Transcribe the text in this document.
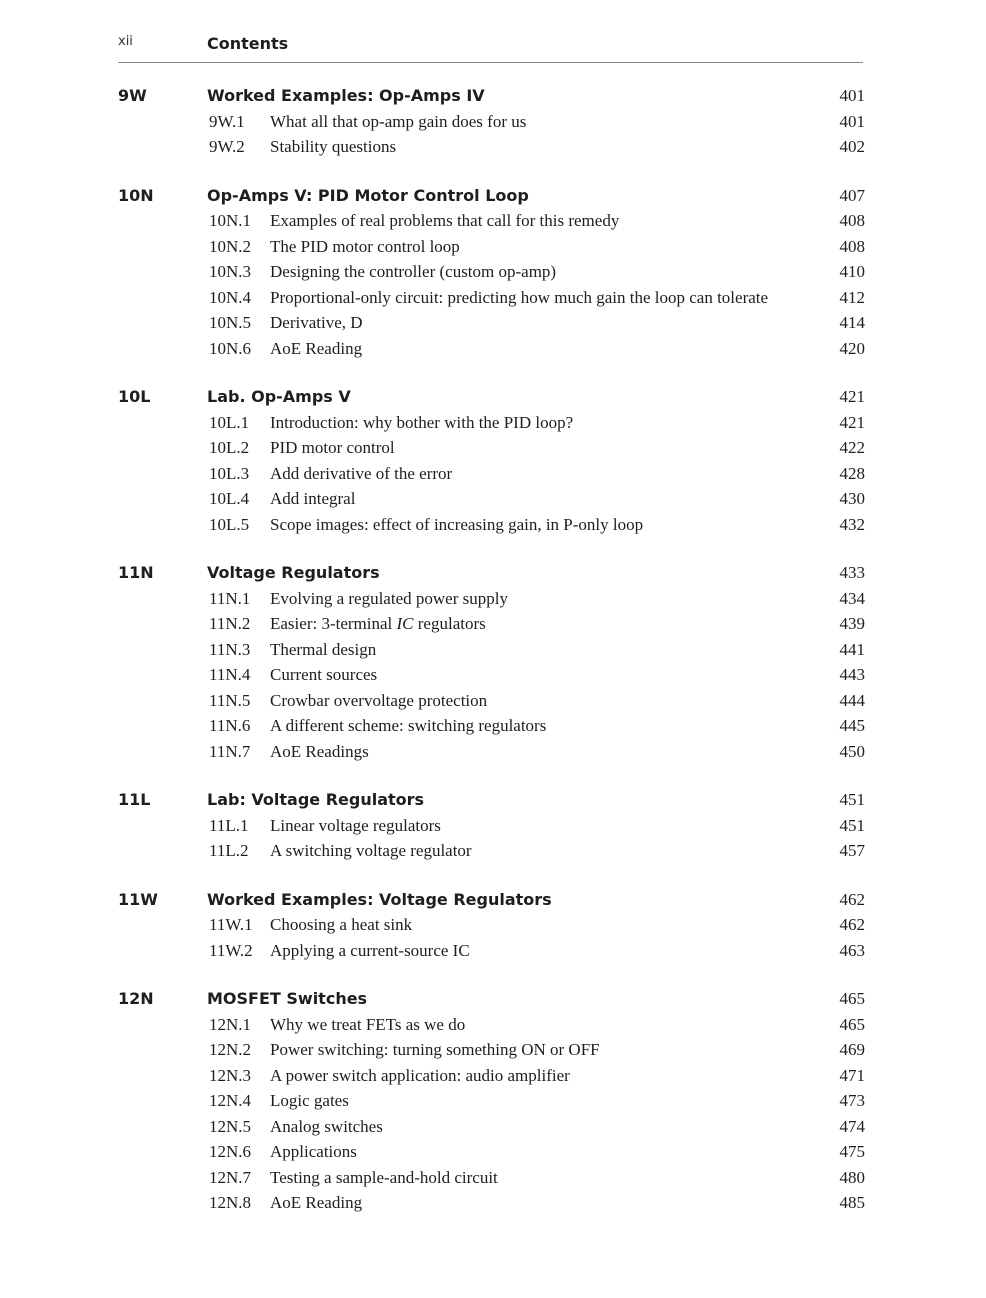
xii	Contents
9W	Worked Examples: Op-Amps IV	401
9W.1 What all that op-amp gain does for us	401
9W.2 Stability questions	402
10N	Op-Amps V: PID Motor Control Loop	407
10N.1 Examples of real problems that call for this remedy	408
10N.2 The PID motor control loop	408
10N.3 Designing the controller (custom op-amp)	410
10N.4 Proportional-only circuit: predicting how much gain the loop can tolerate	412
10N.5 Derivative, D	414
10N.6 AoE Reading	420
10L	Lab. Op-Amps V	421
10L.1 Introduction: why bother with the PID loop?	421
10L.2 PID motor control	422
10L.3 Add derivative of the error	428
10L.4 Add integral	430
10L.5 Scope images: effect of increasing gain, in P-only loop	432
11N	Voltage Regulators	433
11N.1 Evolving a regulated power supply	434
11N.2 Easier: 3-terminal IC regulators	439
11N.3 Thermal design	441
11N.4 Current sources	443
11N.5 Crowbar overvoltage protection	444
11N.6 A different scheme: switching regulators	445
11N.7 AoE Readings	450
11L	Lab: Voltage Regulators	451
11L.1 Linear voltage regulators	451
11L.2 A switching voltage regulator	457
11W	Worked Examples: Voltage Regulators	462
11W.1 Choosing a heat sink	462
11W.2 Applying a current-source IC	463
12N	MOSFET Switches	465
12N.1 Why we treat FETs as we do	465
12N.2 Power switching: turning something ON or OFF	469
12N.3 A power switch application: audio amplifier	471
12N.4 Logic gates	473
12N.5 Analog switches	474
12N.6 Applications	475
12N.7 Testing a sample-and-hold circuit	480
12N.8 AoE Reading	485
